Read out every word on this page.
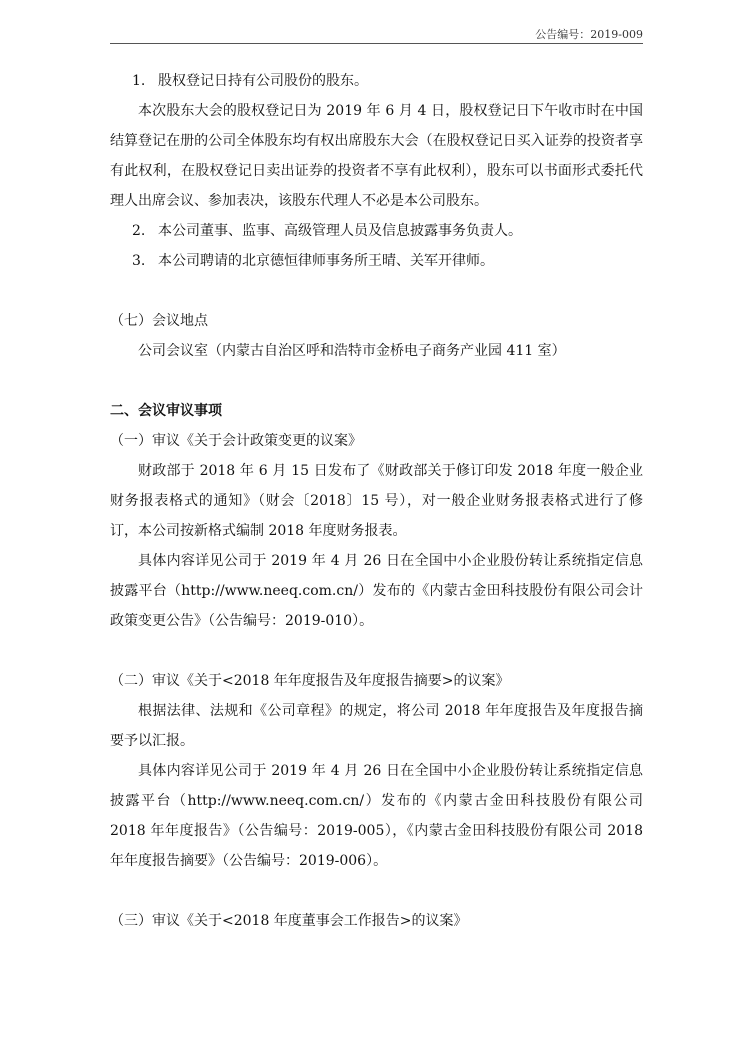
公告编号：2019-009

1. 股权登记日持有公司股份的股东。

本次股东大会的股权登记日为 2019 年 6 月 4 日，股权登记日下午收市时在中国结算登记在册的公司全体股东均有权出席股东大会（在股权登记日买入证券的投资者享有此权利，在股权登记日卖出证券的投资者不享有此权利），股东可以书面形式委托代理人出席会议、参加表决，该股东代理人不必是本公司股东。

2. 本公司董事、监事、高级管理人员及信息披露事务负责人。

3. 本公司聘请的北京德恒律师事务所王晴、关军开律师。

（七）会议地点

公司会议室（内蒙古自治区呼和浩特市金桥电子商务产业园 411 室）

二、会议审议事项

（一）审议《关于会计政策变更的议案》

财政部于 2018 年 6 月 15 日发布了《财政部关于修订印发 2018 年度一般企业财务报表格式的通知》（财会〔2018〕15 号），对一般企业财务报表格式进行了修订，本公司按新格式编制 2018 年度财务报表。

具体内容详见公司于 2019 年 4 月 26 日在全国中小企业股份转让系统指定信息披露平台（http://www.neeq.com.cn/）发布的《内蒙古金田科技股份有限公司会计政策变更公告》（公告编号：2019-010）。

（二）审议《关于<2018 年年度报告及年度报告摘要>的议案》

根据法律、法规和《公司章程》的规定，将公司 2018 年年度报告及年度报告摘要予以汇报。

具体内容详见公司于 2019 年 4 月 26 日在全国中小企业股份转让系统指定信息披露平台（http://www.neeq.com.cn/）发布的《内蒙古金田科技股份有限公司 2018 年年度报告》（公告编号：2019-005），《内蒙古金田科技股份有限公司 2018 年年度报告摘要》（公告编号：2019-006）。

（三）审议《关于<2018 年度董事会工作报告>的议案》
